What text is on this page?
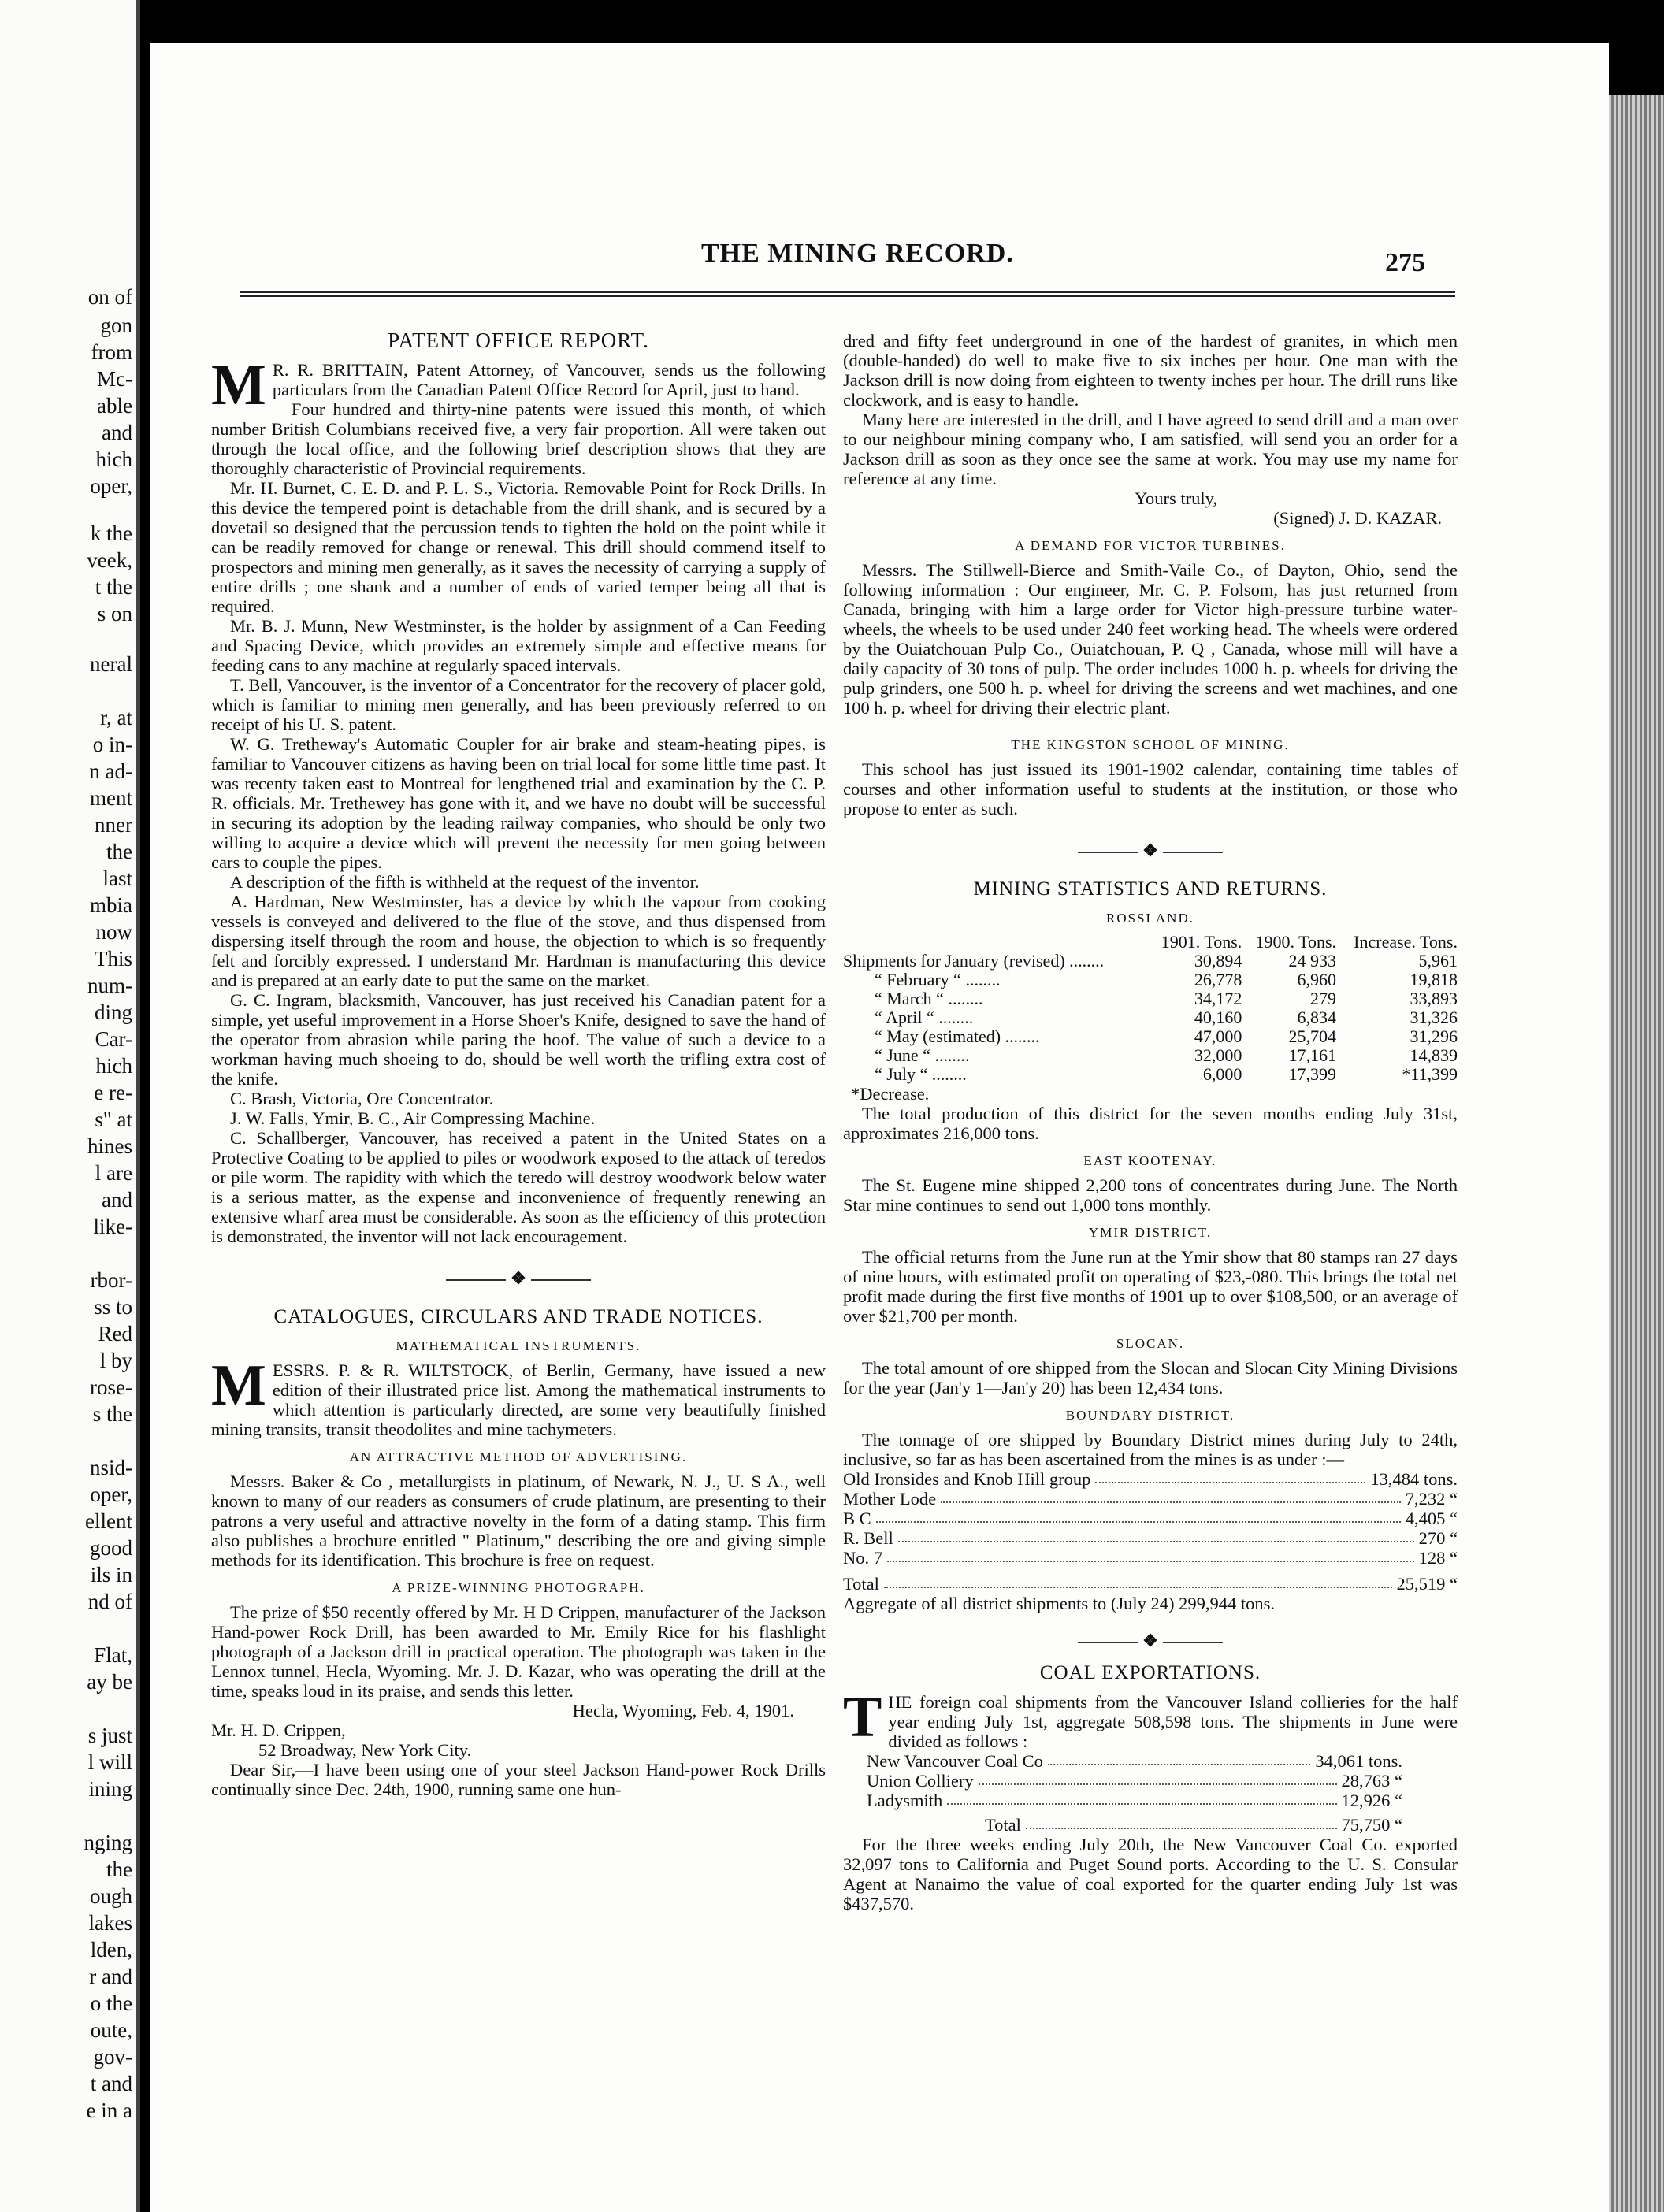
on of
gon
from
Mc-
able
and
hich
oper,
k the
veek,
t the
s on
neral
r, at
o in-
n ad-
ment
nner
the
last
mbia
now
This
num-
ding
Car-
hich
e re-
s" at
hines
l are
and
like-
rbor-
ss to
Red
l by
rose-
s the
nsid-
oper,
ellent
good
ils in
nd of
Flat,
ay be
s just
l will
ining
nging
the
ough
lakes
lden,
r and
o the
oute,
gov-
t and
e in a
THE MINING RECORD.	275
PATENT OFFICE REPORT.

M R. R. BRITTAIN, Patent Attorney, of Vancouver, sends us the following particulars from the Canadian Patent Office Record for April, just to hand.

Four hundred and thirty-nine patents were issued this month, of which number British Columbians received five, a very fair proportion. All were taken out through the local office, and the following brief description shows that they are thoroughly characteristic of Provincial requirements.

Mr. H. Burnet, C. E. D. and P. L. S., Victoria. Removable Point for Rock Drills. In this device the tempered point is detachable from the drill shank, and is secured by a dovetail so designed that the percussion tends to tighten the hold on the point while it can be readily removed for change or renewal. This drill should commend itself to prospectors and mining men generally, as it saves the necessity of carrying a supply of entire drills ; one shank and a number of ends of varied temper being all that is required.

Mr. B. J. Munn, New Westminster, is the holder by assignment of a Can Feeding and Spacing Device, which provides an extremely simple and effective means for feeding cans to any machine at regularly spaced intervals.

T. Bell, Vancouver, is the inventor of a Concentrator for the recovery of placer gold, which is familiar to mining men generally, and has been previously referred to on receipt of his U. S. patent.

W. G. Tretheway's Automatic Coupler for air brake and steam-heating pipes, is familiar to Vancouver citizens as having been on trial local for some little time past. It was recenty taken east to Montreal for lengthened trial and examination by the C. P. R. officials. Mr. Trethewey has gone with it, and we have no doubt will be successful in securing its adoption by the leading railway companies, who should be only two willing to acquire a device which will prevent the necessity for men going between cars to couple the pipes.

A description of the fifth is withheld at the request of the inventor.

A. Hardman, New Westminster, has a device by which the vapour from cooking vessels is conveyed and delivered to the flue of the stove, and thus dispensed from dispersing itself through the room and house, the objection to which is so frequently felt and forcibly expressed. I understand Mr. Hardman is manufacturing this device and is prepared at an early date to put the same on the market.

G. C. Ingram, blacksmith, Vancouver, has just received his Canadian patent for a simple, yet useful improvement in a Horse Shoer's Knife, designed to save the hand of the operator from abrasion while paring the hoof. The value of such a device to a workman having much shoeing to do, should be well worth the trifling extra cost of the knife.

C. Brash, Victoria, Ore Concentrator.

J. W. Falls, Ymir, B. C., Air Compressing Machine.

C. Schallberger, Vancouver, has received a patent in the United States on a Protective Coating to be applied to piles or woodwork exposed to the attack of teredos or pile worm. The rapidity with which the teredo will destroy woodwork below water is a serious matter, as the expense and inconvenience of frequently renewing an extensive wharf area must be considerable. As soon as the efficiency of this protection is demonstrated, the inventor will not lack encouragement.

❖
CATALOGUES, CIRCULARS AND TRADE NOTICES.
MATHEMATICAL INSTRUMENTS.

MESSRS. P. & R. WILTSTOCK, of Berlin, Germany, have issued a new edition of their illustrated price list. Among the mathematical instruments to which attention is particularly directed, are some very beautifully finished mining transits, transit theodolites and mine tachymeters.

AN ATTRACTIVE METHOD OF ADVERTISING.

Messrs. Baker & Co , metallurgists in platinum, of Newark, N. J., U. S A., well known to many of our readers as consumers of crude platinum, are presenting to their patrons a very useful and attractive novelty in the form of a dating stamp. This firm also publishes a brochure entitled " Platinum," describing the ore and giving simple methods for its identification. This brochure is free on request.

A PRIZE-WINNING PHOTOGRAPH.

The prize of $50 recently offered by Mr. H D Crippen, manufacturer of the Jackson Hand-power Rock Drill, has been awarded to Mr. Emily Rice for his flashlight photograph of a Jackson drill in practical operation. The photograph was taken in the Lennox tunnel, Hecla, Wyoming. Mr. J. D. Kazar, who was operating the drill at the time, speaks loud in its praise, and sends this letter.

Hecla, Wyoming, Feb. 4, 1901.

Mr. H. D. Crippen,

52 Broadway, New York City.

Dear Sir,—I have been using one of your steel Jackson Hand-power Rock Drills continually since Dec. 24th, 1900, running same one hun-

dred and fifty feet underground in one of the hardest of granites, in which men (double-handed) do well to make five to six inches per hour. One man with the Jackson drill is now doing from eighteen to twenty inches per hour. The drill runs like clockwork, and is easy to handle.

Many here are interested in the drill, and I have agreed to send drill and a man over to our neighbour mining company who, I am satisfied, will send you an order for a Jackson drill as soon as they once see the same at work. You may use my name for reference at any time.

Yours truly,

(Signed) J. D. KAZAR.

A DEMAND FOR VICTOR TURBINES.

Messrs. The Stillwell-Bierce and Smith-Vaile Co., of Dayton, Ohio, send the following information : Our engineer, Mr. C. P. Folsom, has just returned from Canada, bringing with him a large order for Victor high-pressure turbine water-wheels, the wheels to be used under 240 feet working head. The wheels were ordered by the Ouiatchouan Pulp Co., Ouiatchouan, P. Q , Canada, whose mill will have a daily capacity of 30 tons of pulp. The order includes 1000 h. p. wheels for driving the pulp grinders, one 500 h. p. wheel for driving the screens and wet machines, and one 100 h. p. wheel for driving their electric plant.

THE KINGSTON SCHOOL OF MINING.

This school has just issued its 1901-1902 calendar, containing time tables of courses and other information useful to students at the institution, or those who propose to enter as such.

❖
MINING STATISTICS AND RETURNS.
ROSSLAND.
	1901. Tons.	1900. Tons.	Increase. Tons.
Shipments for January (revised) ........	30,894	24 933	5,961
“ February “ ........	26,778	6,960	19,818
“ March “ ........	34,172	279	33,893
“ April “ ........	40,160	6,834	31,326
“ May (estimated) ........	47,000	25,704	31,296
“ June “ ........	32,000	17,161	14,839
“ July “ ........	6,000	17,399	*11,399

*Decrease.

The total production of this district for the seven months ending July 31st, approximates 216,000 tons.

EAST KOOTENAY.

The St. Eugene mine shipped 2,200 tons of concentrates during June. The North Star mine continues to send out 1,000 tons monthly.

YMIR DISTRICT.

The official returns from the June run at the Ymir show that 80 stamps ran 27 days of nine hours, with estimated profit on operating of $23,-080. This brings the total net profit made during the first five months of 1901 up to over $108,500, or an average of over $21,700 per month.

SLOCAN.

The total amount of ore shipped from the Slocan and Slocan City Mining Divisions for the year (Jan'y 1—Jan'y 20) has been 12,434 tons.

BOUNDARY DISTRICT.

The tonnage of ore shipped by Boundary District mines during July to 24th, inclusive, so far as has been ascertained from the mines is as under :—

Old Ironsides and Knob Hill group	13,484 tons.
Mother Lode	7,232 “
B C	4,405 “
R. Bell	270 “
No. 7	128 “
Total	25,519 “

Aggregate of all district shipments to (July 24) 299,944 tons.

❖
COAL EXPORTATIONS.

THE foreign coal shipments from the Vancouver Island collieries for the half year ending July 1st, aggregate 508,598 tons. The shipments in June were divided as follows :

New Vancouver Coal Co	34,061 tons.
Union Colliery	28,763 “
Ladysmith	12,926 “
Total	75,750 “

For the three weeks ending July 20th, the New Vancouver Coal Co. exported 32,097 tons to California and Puget Sound ports. According to the U. S. Consular Agent at Nanaimo the value of coal exported for the quarter ending July 1st was $437,570.
